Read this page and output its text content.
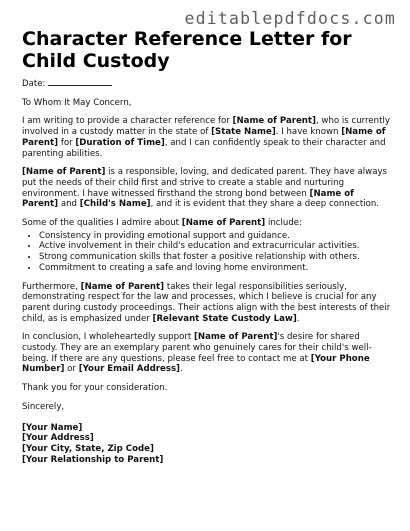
editablepdfdocs.com
Character Reference Letter for Child Custody

Date:

To Whom It May Concern,

I am writing to provide a character reference for [Name of Parent], who is currently involved in a custody matter in the state of [State Name]. I have known [Name of Parent] for [Duration of Time], and I can confidently speak to their character and parenting abilities.

[Name of Parent] is a responsible, loving, and dedicated parent. They have always put the needs of their child first and strive to create a stable and nurturing environment. I have witnessed firsthand the strong bond between [Name of Parent] and [Child's Name], and it is evident that they share a deep connection.

Some of the qualities I admire about [Name of Parent] include:

• Consistency in providing emotional support and guidance.
• Active involvement in their child's education and extracurricular activities.
• Strong communication skills that foster a positive relationship with others.
• Commitment to creating a safe and loving home environment.

Furthermore, [Name of Parent] takes their legal responsibilities seriously, demonstrating respect for the law and processes, which I believe is crucial for any parent during custody proceedings. Their actions align with the best interests of their child, as is emphasized under [Relevant State Custody Law].

In conclusion, I wholeheartedly support [Name of Parent]'s desire for shared custody. They are an exemplary parent who genuinely cares for their child's well-being. If there are any questions, please feel free to contact me at [Your Phone Number] or [Your Email Address].

Thank you for your consideration.

Sincerely,

[Your Name]
[Your Address]
[Your City, State, Zip Code]
[Your Relationship to Parent]
